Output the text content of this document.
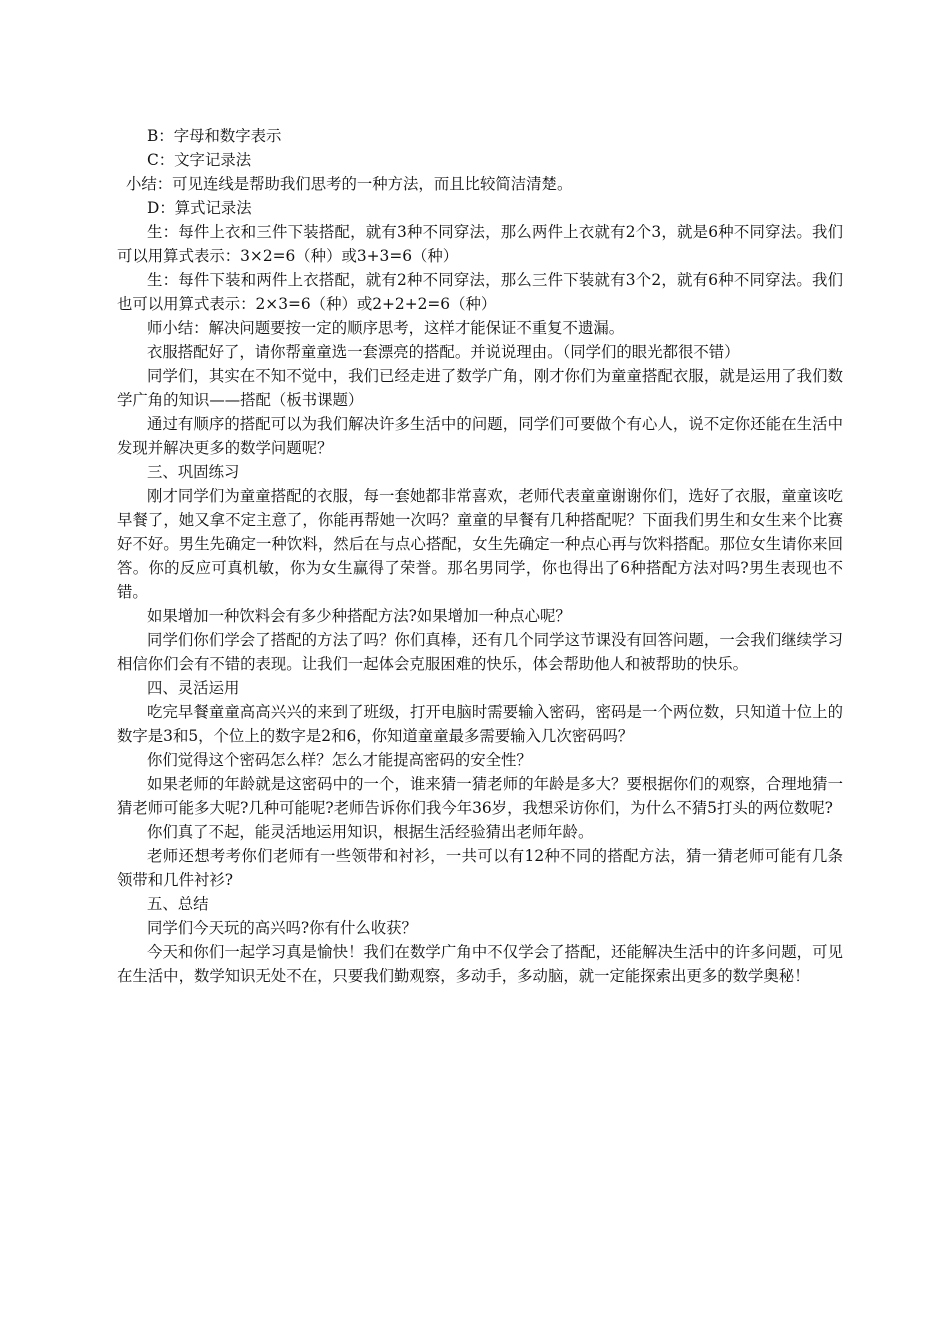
B：字母和数字表示

C：文字记录法

小结：可见连线是帮助我们思考的一种方法，而且比较简洁清楚。

D：算式记录法

生：每件上衣和三件下装搭配，就有3种不同穿法，那么两件上衣就有2个3，就是6种不同穿法。我们可以用算式表示：3×2=6（种）或3+3=6（种）

生：每件下装和两件上衣搭配，就有2种不同穿法，那么三件下装就有3个2，就有6种不同穿法。我们也可以用算式表示：2×3=6（种）或2+2+2=6（种）

师小结：解决问题要按一定的顺序思考，这样才能保证不重复不遗漏。

衣服搭配好了，请你帮童童选一套漂亮的搭配。并说说理由。（同学们的眼光都很不错）

同学们，其实在不知不觉中，我们已经走进了数学广角，刚才你们为童童搭配衣服，就是运用了我们数学广角的知识——搭配（板书课题）

通过有顺序的搭配可以为我们解决许多生活中的问题，同学们可要做个有心人，说不定你还能在生活中发现并解决更多的数学问题呢？

三、巩固练习

刚才同学们为童童搭配的衣服，每一套她都非常喜欢，老师代表童童谢谢你们，选好了衣服，童童该吃早餐了，她又拿不定主意了，你能再帮她一次吗？童童的早餐有几种搭配呢？下面我们男生和女生来个比赛好不好。男生先确定一种饮料，然后在与点心搭配，女生先确定一种点心再与饮料搭配。那位女生请你来回答。你的反应可真机敏，你为女生赢得了荣誉。那名男同学，你也得出了6种搭配方法对吗?男生表现也不错。

如果增加一种饮料会有多少种搭配方法?如果增加一种点心呢？

同学们你们学会了搭配的方法了吗？你们真棒，还有几个同学这节课没有回答问题，一会我们继续学习相信你们会有不错的表现。让我们一起体会克服困难的快乐，体会帮助他人和被帮助的快乐。

四、灵活运用

吃完早餐童童高高兴兴的来到了班级，打开电脑时需要输入密码，密码是一个两位数，只知道十位上的数字是3和5，个位上的数字是2和6，你知道童童最多需要输入几次密码吗？

你们觉得这个密码怎么样？怎么才能提高密码的安全性？

如果老师的年龄就是这密码中的一个，谁来猜一猜老师的年龄是多大？要根据你们的观察，合理地猜一猜老师可能多大呢?几种可能呢?老师告诉你们我今年36岁，我想采访你们，为什么不猜5打头的两位数呢?

你们真了不起，能灵活地运用知识，根据生活经验猜出老师年龄。

老师还想考考你们老师有一些领带和衬衫，一共可以有12种不同的搭配方法，猜一猜老师可能有几条领带和几件衬衫?

五、总结

同学们今天玩的高兴吗?你有什么收获？

今天和你们一起学习真是愉快！我们在数学广角中不仅学会了搭配，还能解决生活中的许多问题，可见在生活中，数学知识无处不在，只要我们勤观察，多动手，多动脑，就一定能探索出更多的数学奥秘！
